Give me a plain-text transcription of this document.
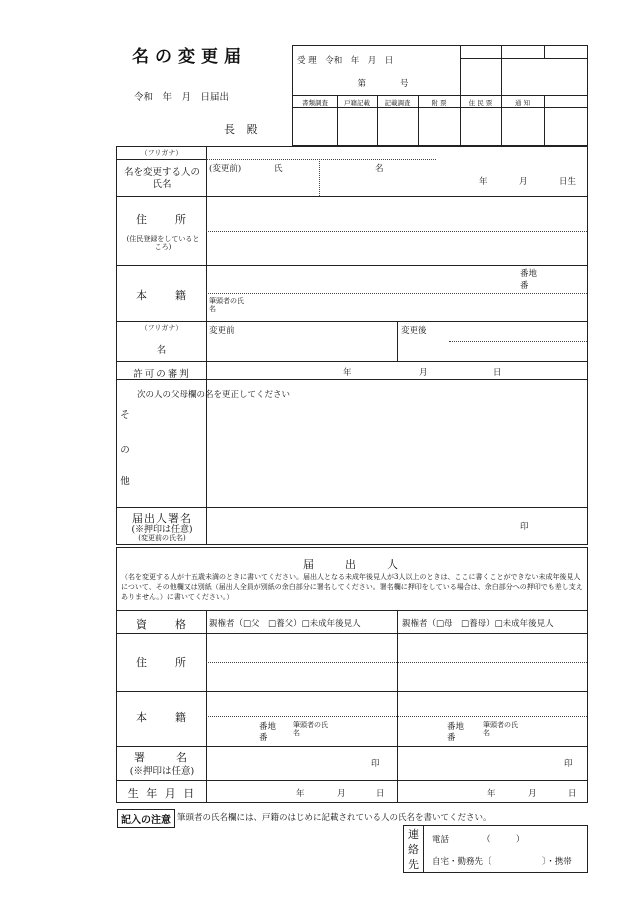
名の変更届
令和　年　月　日届出
長 殿
受 理　令和　年　月　日
第　　　　号
書類調査	戸籍記載	記載調査	附 票	住 民 票	通 知
（フリガナ）
名を変更する人の氏名
(変更前)	氏	名
年	月	日生
住　　所
(住民登録をしているところ)
本　　籍
番地
番
筆頭者の氏名
（フリガナ）
名
変更前	変更後
許可の審判	年	月	日
そ
の
他
次の人の父母欄の名を更正してください
届出人署名
(※押印は任意)
(変更前の氏名)
印
届　　出　　人
（名を変更する人が十五歳未満のときに書いてください。届出人となる未成年後見人が3人以上のときは、ここに書くことができない未成年後見人について、その他欄又は別紙（届出人全員が別紙の余白部分に署名してください。署名欄に押印をしている場合は、余白部分への押印でも差し支えありません。）に書いてください。）
資　　格	親権者（□父　□養父）□未成年後見人	親権者（□母　□養母）□未成年後見人
住　　所
本　　籍
番地
番
筆頭者の氏名
番地
番
筆頭者の氏名
署　　名
(※押印は任意)
印	印
生 年 月 日	年	月	日	年	月	日
記入の注意 筆頭者の氏名欄には、戸籍のはじめに記載されている人の氏名を書いてください。
連絡先
電話	（　　　）
自宅・勤務先〔	〕・携帯
